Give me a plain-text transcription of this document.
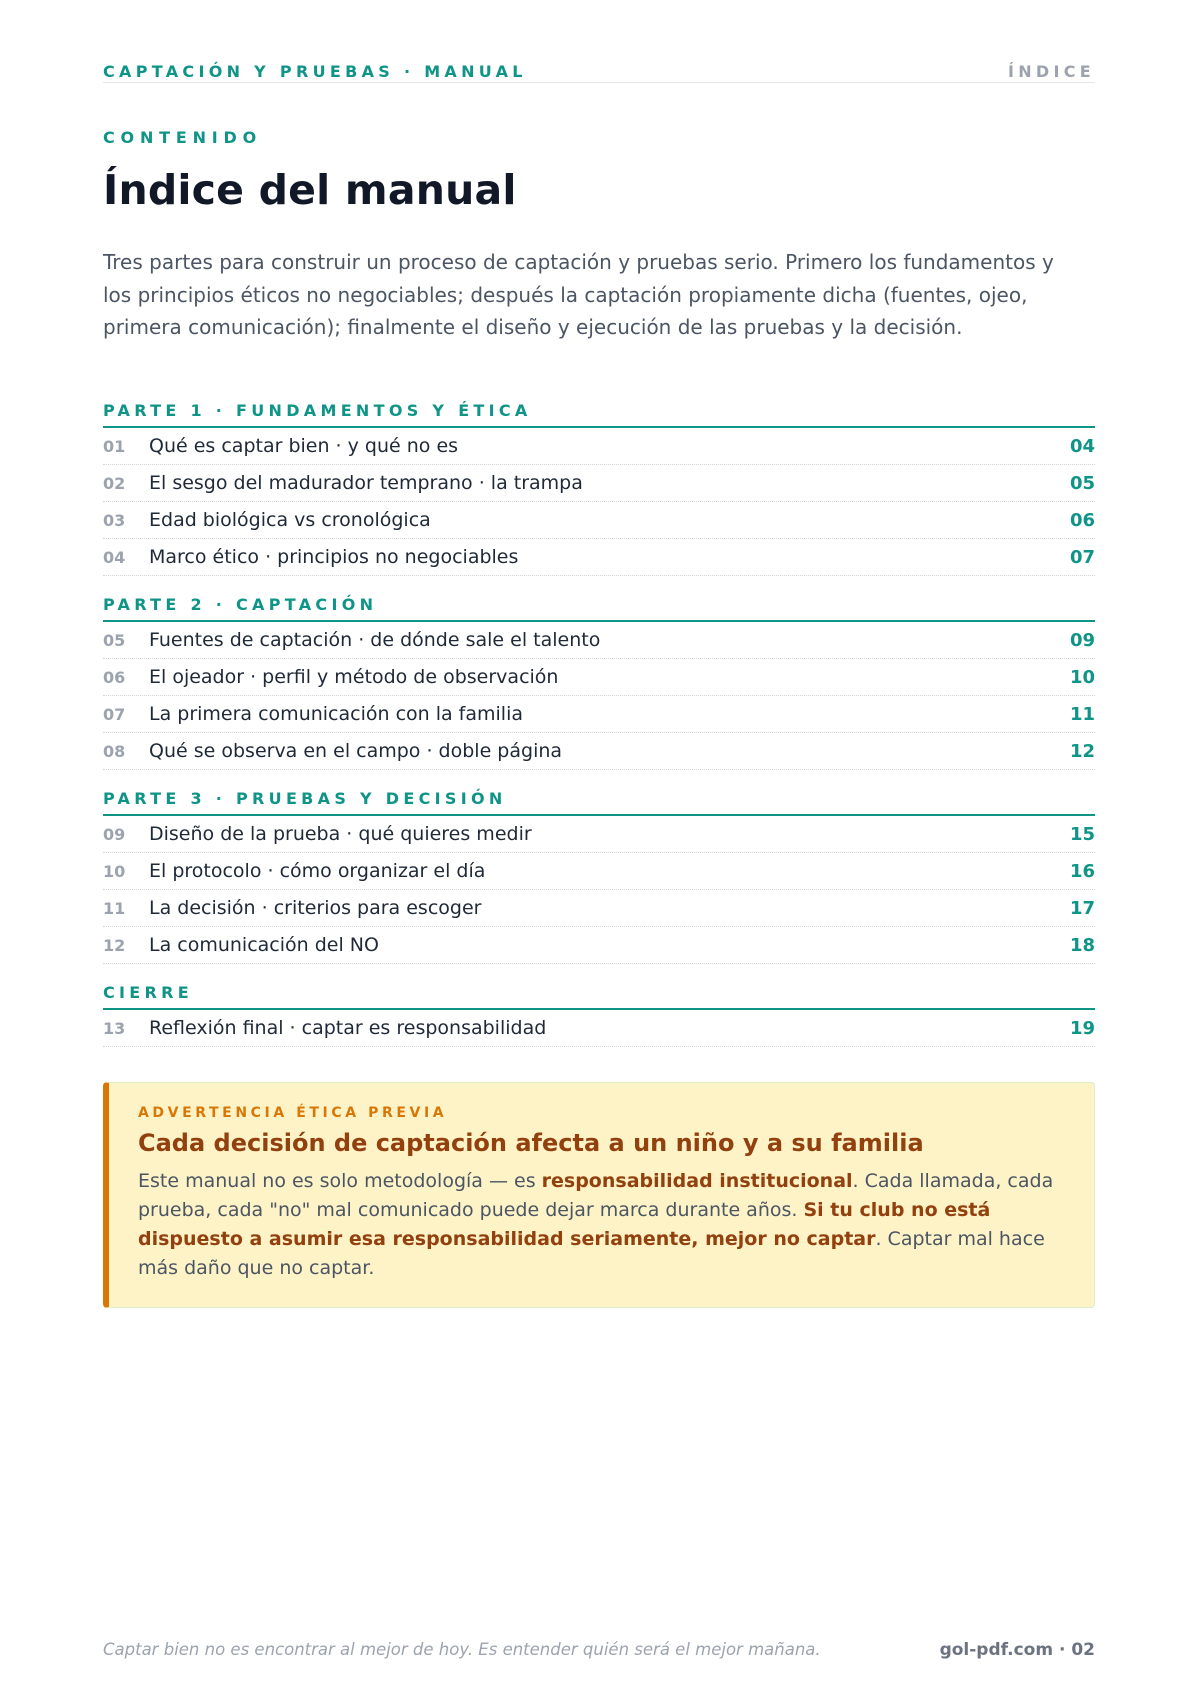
CAPTACIÓN Y PRUEBAS · MANUAL	ÍNDICE
CONTENIDO
Índice del manual

Tres partes para construir un proceso de captación y pruebas serio. Primero los fundamentos y los principios éticos no negociables; después la captación propiamente dicha (fuentes, ojeo, primera comunicación); finalmente el diseño y ejecución de las pruebas y la decisión.

PARTE 1 · FUNDAMENTOS Y ÉTICA
01	Qué es captar bien · y qué no es	04
02	El sesgo del madurador temprano · la trampa	05
03	Edad biológica vs cronológica	06
04	Marco ético · principios no negociables	07
PARTE 2 · CAPTACIÓN
05	Fuentes de captación · de dónde sale el talento	09
06	El ojeador · perfil y método de observación	10
07	La primera comunicación con la familia	11
08	Qué se observa en el campo · doble página	12
PARTE 3 · PRUEBAS Y DECISIÓN
09	Diseño de la prueba · qué quieres medir	15
10	El protocolo · cómo organizar el día	16
11	La decisión · criterios para escoger	17
12	La comunicación del NO	18
CIERRE
13	Reflexión final · captar es responsabilidad	19
ADVERTENCIA ÉTICA PREVIA
Cada decisión de captación afecta a un niño y a su familia

Este manual no es solo metodología — es responsabilidad institucional. Cada llamada, cada prueba, cada "no" mal comunicado puede dejar marca durante años. Si tu club no está dispuesto a asumir esa responsabilidad seriamente, mejor no captar. Captar mal hace más daño que no captar.

Captar bien no es encontrar al mejor de hoy. Es entender quién será el mejor mañana.	gol-pdf.com · 02
